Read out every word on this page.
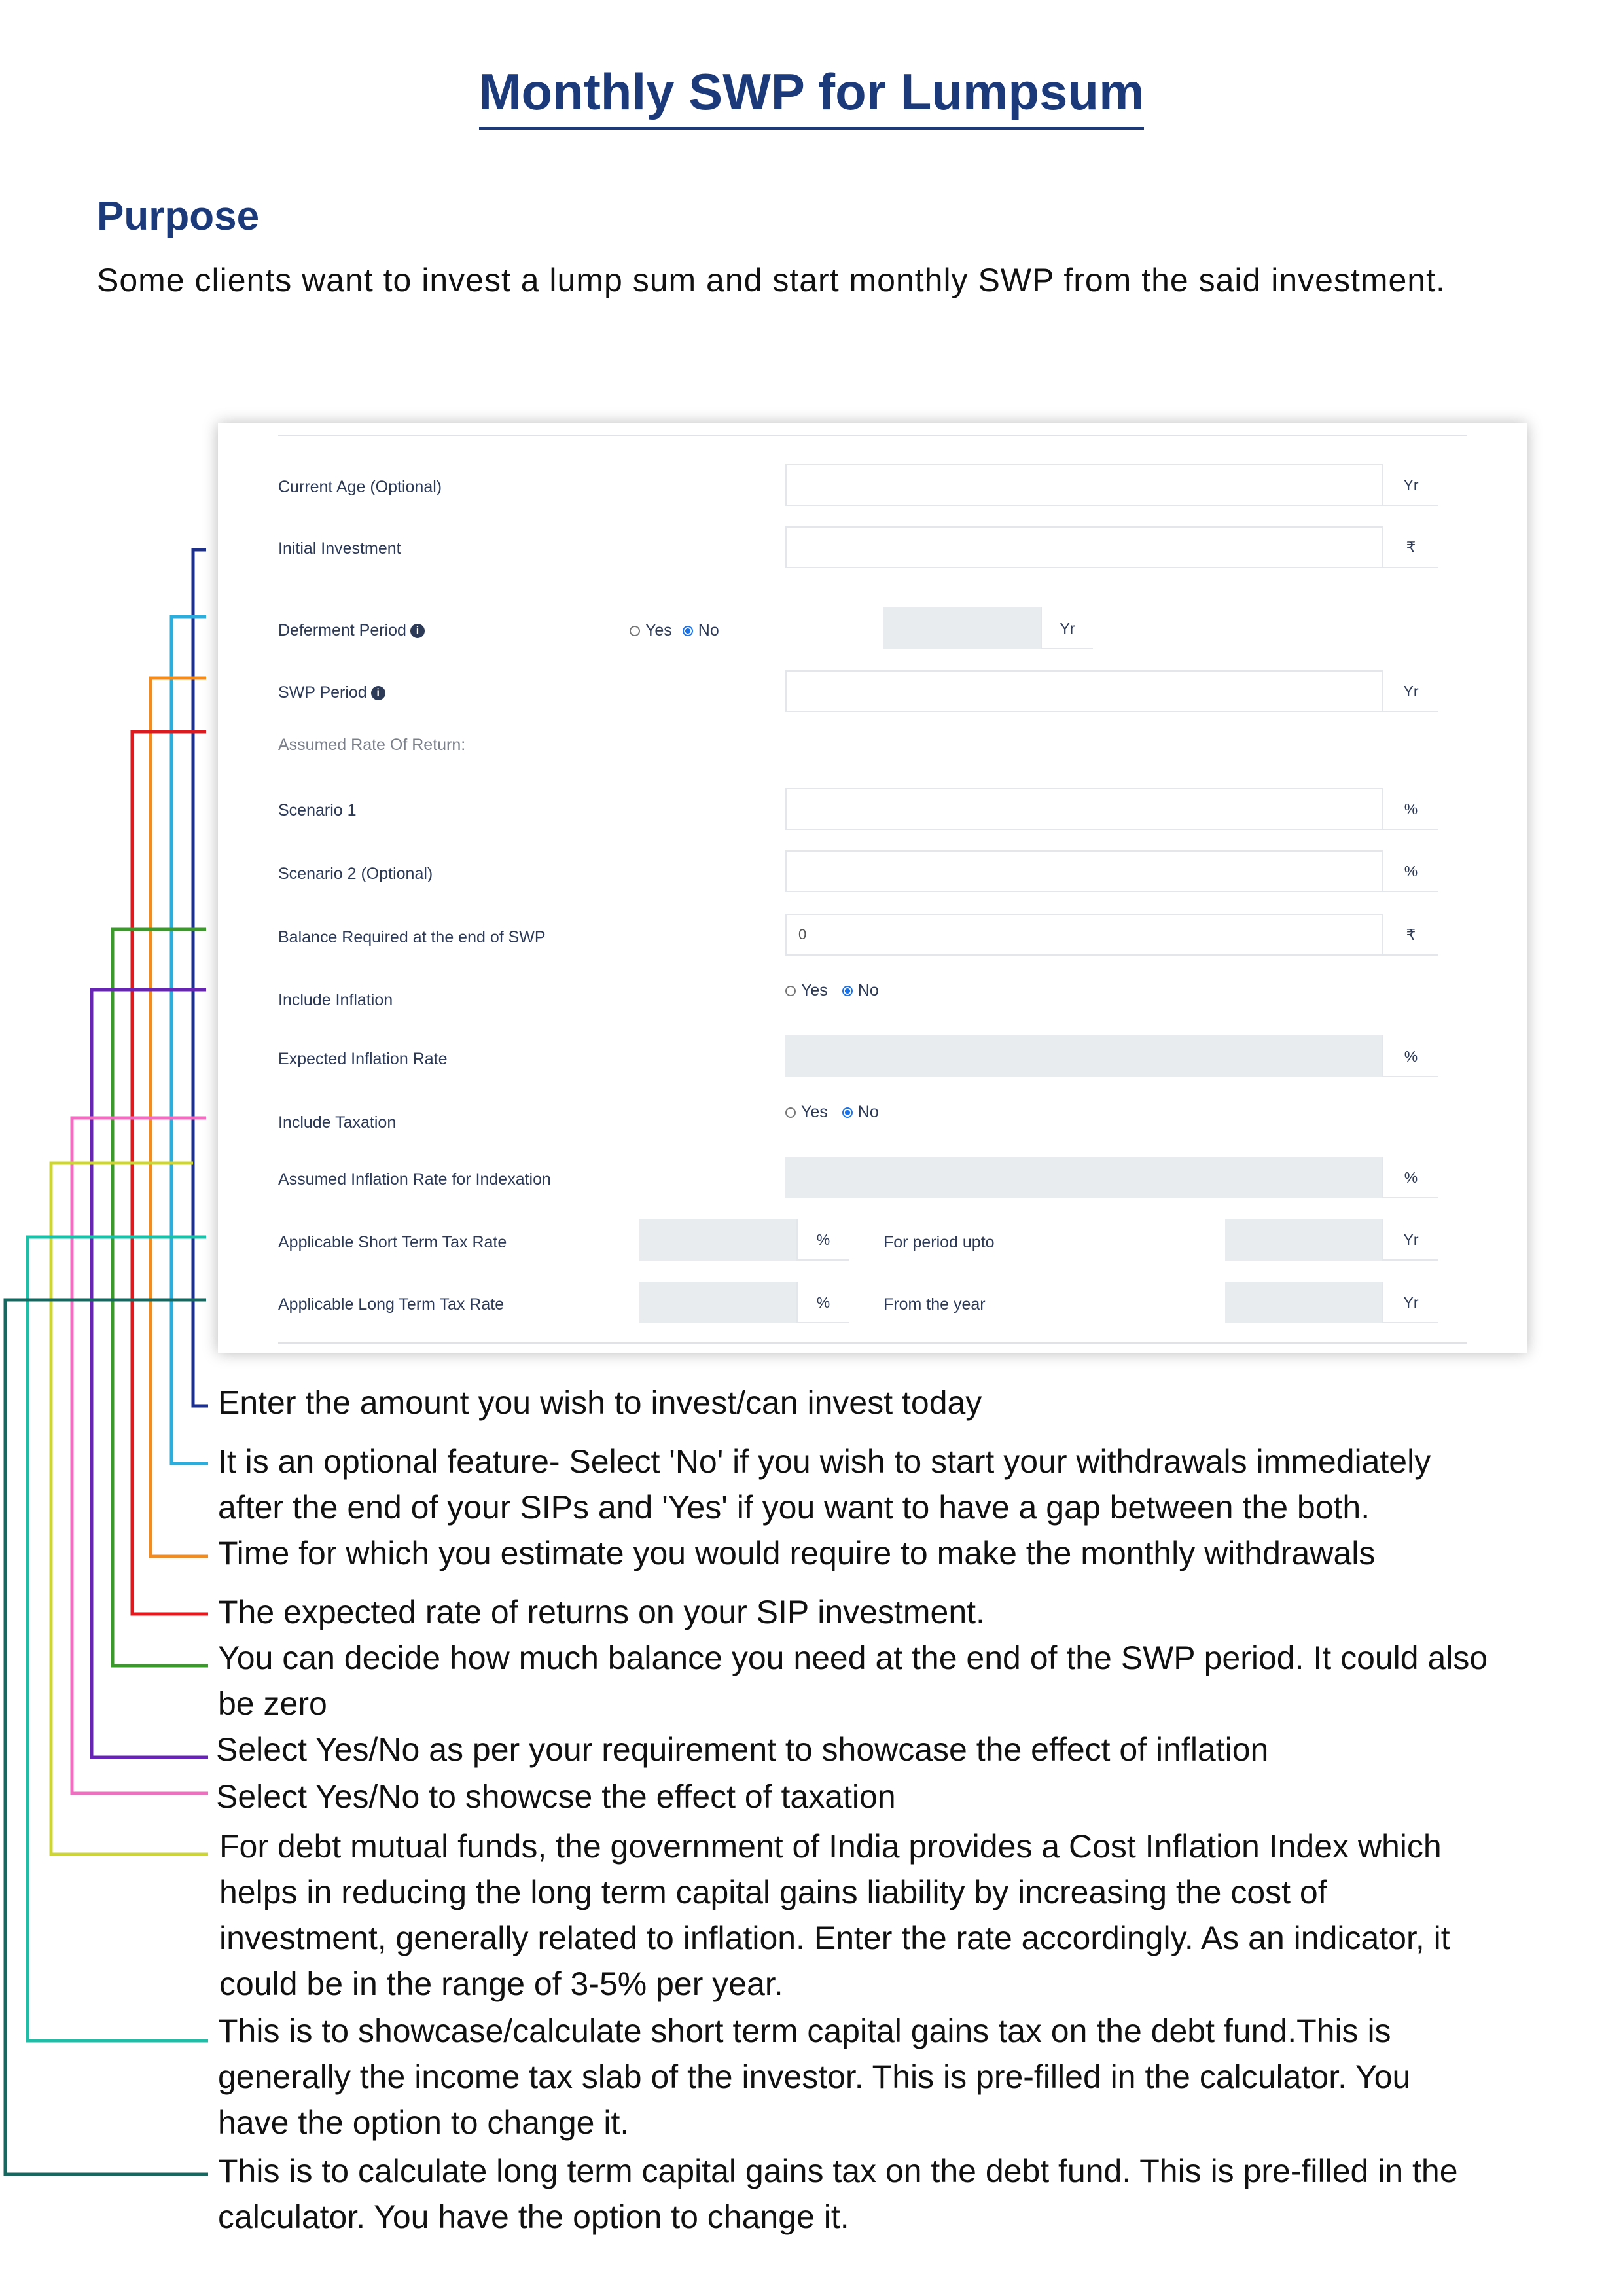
Monthly SWP for Lumpsum
Purpose
Some clients want to invest a lump sum and start monthly SWP from the said investment.
Current Age (Optional)	Yr
Initial Investment	₹
Deferment Period i	Yes No	Yr
SWP Period i	Yr
Assumed Rate Of Return:
Scenario 1	%
Scenario 2 (Optional)	%
Balance Required at the end of SWP	0	₹
Include Inflation
Yes No
Expected Inflation Rate	%
Include Taxation
Yes No
Assumed Inflation Rate for Indexation	%
Applicable Short Term Tax Rate	%	For period upto	Yr
Applicable Long Term Tax Rate	%	From the year	Yr
Enter the amount you wish to invest/can invest today
It is an optional feature- Select 'No' if you wish to start your withdrawals immediately
after the end of your SIPs and 'Yes' if you want to have a gap between the both.
Time for which you estimate you would require to make the monthly withdrawals
The expected rate of returns on your SIP investment.
You can decide how much balance you need at the end of the SWP period. It could also
be zero
Select Yes/No as per your requirement to showcase the effect of inflation
Select Yes/No to showcse the effect of taxation
For debt mutual funds, the government of India provides a Cost Inflation Index which
helps in reducing the long term capital gains liability by increasing the cost of
investment, generally related to inflation. Enter the rate accordingly. As an indicator, it
could be in the range of 3-5% per year.
This is to showcase/calculate short term capital gains tax on the debt fund.This is
generally the income tax slab of the investor. This is pre-filled in the calculator. You
have the option to change it.
This is to calculate long term capital gains tax on the debt fund. This is pre-filled in the
calculator. You have the option to change it.
